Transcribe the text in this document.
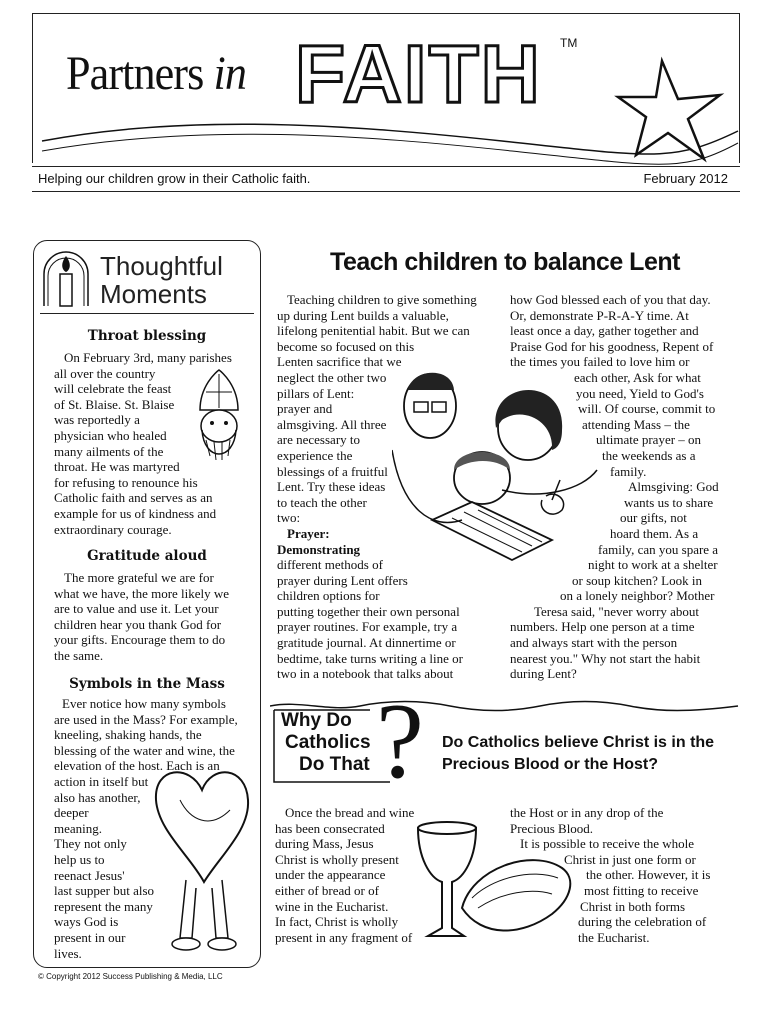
Partners in FAITH TM
Helping our children grow in their Catholic faith.	February 2012
Thoughtful
Moments
Throat blessing
On February 3rd, many parishes
all over the country
will celebrate the feast
of St. Blaise. St. Blaise
was reportedly a
physician who healed
many ailments of the
throat. He was martyred
for refusing to renounce his
Catholic faith and serves as an
example for us of kindness and
extraordinary courage.
Gratitude aloud
The more grateful we are for
what we have, the more likely we
are to value and use it. Let your
children hear you thank God for
your gifts. Encourage them to do
the same.
Symbols in the Mass
Ever notice how many symbols
are used in the Mass? For example,
kneeling, shaking hands, the
blessing of the water and wine, the
elevation of the host. Each is an
action in itself but
also has another,
deeper
meaning.
They not only
help us to
reenact Jesus'
last supper but also
represent the many
ways God is
present in our
lives.
Teach children to balance Lent
Teaching children to give something
up during Lent builds a valuable,
lifelong penitential habit. But we can
become so focused on this
Lenten sacrifice that we
neglect the other two
pillars of Lent:
prayer and
almsgiving. All three
are necessary to
experience the
blessings of a fruitful
Lent. Try these ideas
to teach the other
two:
Prayer:
Demonstrating
different methods of
prayer during Lent offers
children options for
putting together their own personal
prayer routines. For example, try a
gratitude journal. At dinnertime or
bedtime, take turns writing a line or
two in a notebook that talks about
how God blessed each of you that day.
Or, demonstrate P-R-A-Y time. At
least once a day, gather together and
Praise God for his goodness, Repent of
the times you failed to love him or
each other, Ask for what
you need, Yield to God's
will. Of course, commit to
attending Mass – the
ultimate prayer – on
the weekends as a
family.
Almsgiving: God
wants us to share
our gifts, not
hoard them. As a
family, can you spare a
night to work at a shelter
or soup kitchen? Look in
on a lonely neighbor? Mother
Teresa said, "never worry about
numbers. Help one person at a time
and always start with the person
nearest you." Why not start the habit
during Lent?
Why Do
Catholics
Do That ? Do Catholics believe Christ is in the Precious Blood or the Host?
Once the bread and wine
has been consecrated
during Mass, Jesus
Christ is wholly present
under the appearance
either of bread or of
wine in the Eucharist.
In fact, Christ is wholly
present in any fragment of
the Host or in any drop of the
Precious Blood.
It is possible to receive the whole
Christ in just one form or
the other. However, it is
most fitting to receive
Christ in both forms
during the celebration of
the Eucharist.
© Copyright 2012 Success Publishing & Media, LLC
